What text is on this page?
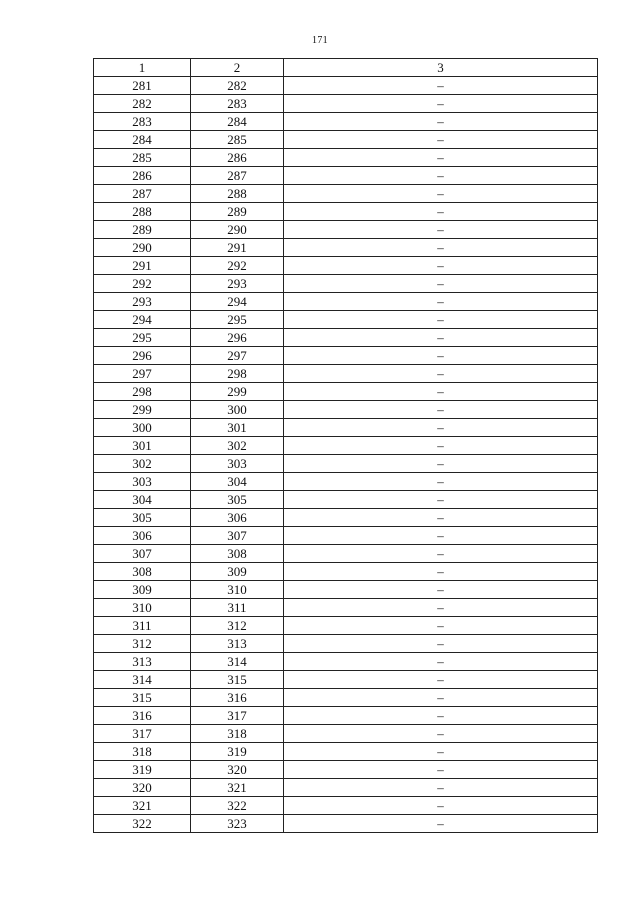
171
1	2	3
281	282	–
282	283	–
283	284	–
284	285	–
285	286	–
286	287	–
287	288	–
288	289	–
289	290	–
290	291	–
291	292	–
292	293	–
293	294	–
294	295	–
295	296	–
296	297	–
297	298	–
298	299	–
299	300	–
300	301	–
301	302	–
302	303	–
303	304	–
304	305	–
305	306	–
306	307	–
307	308	–
308	309	–
309	310	–
310	311	–
311	312	–
312	313	–
313	314	–
314	315	–
315	316	–
316	317	–
317	318	–
318	319	–
319	320	–
320	321	–
321	322	–
322	323	–
